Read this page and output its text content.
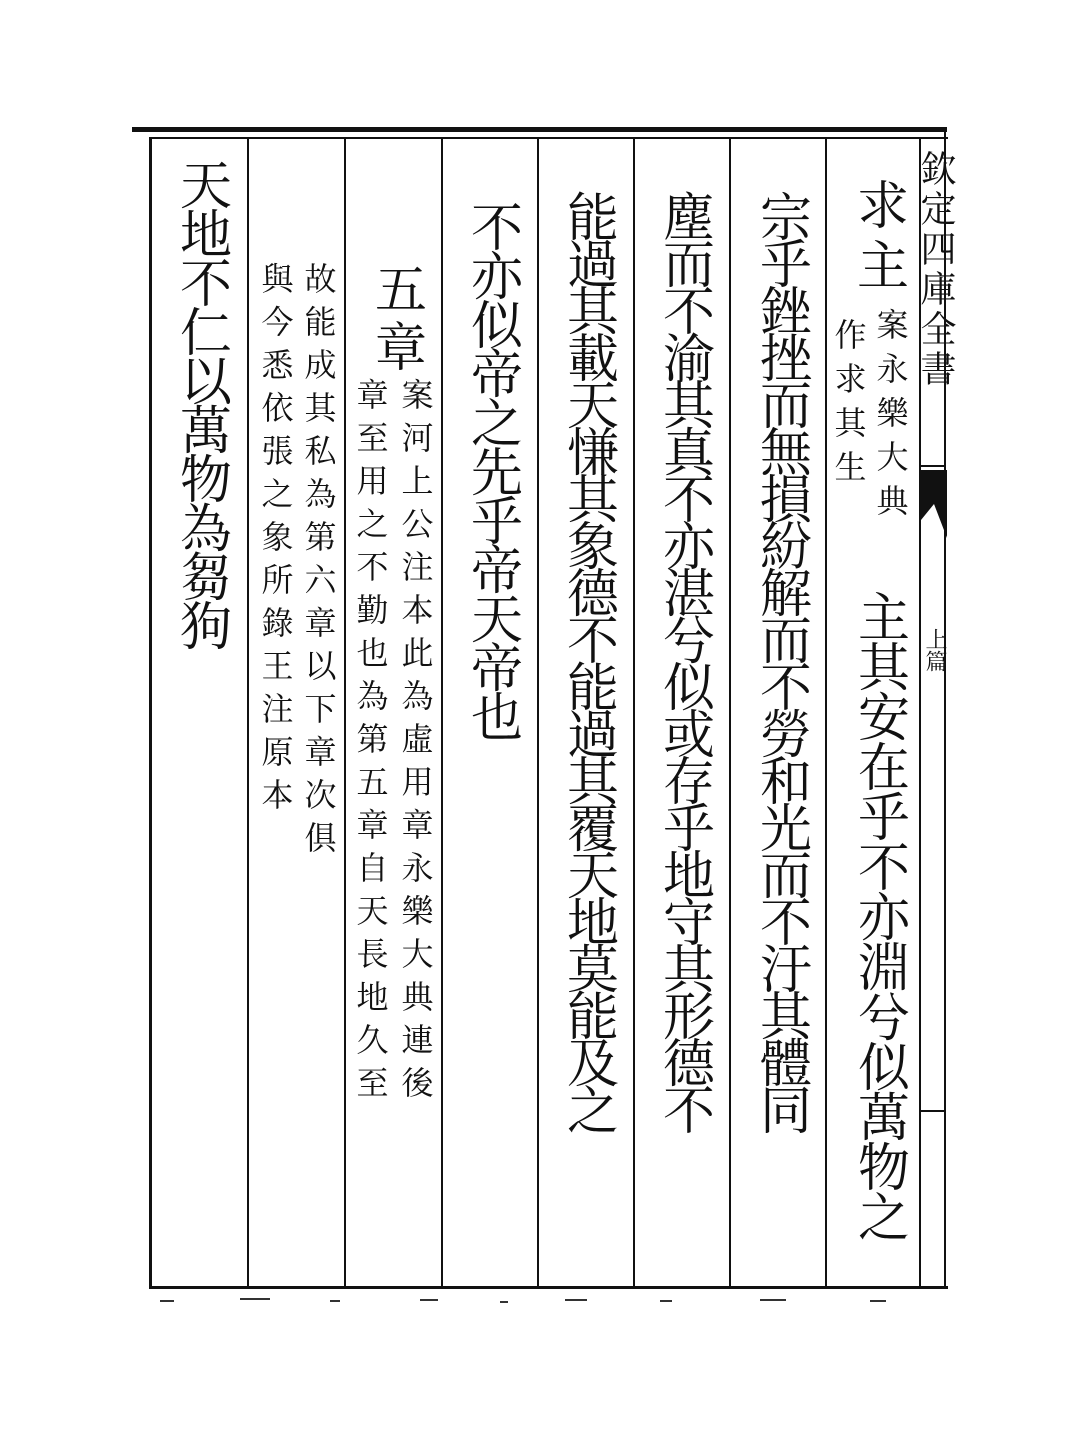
欽定四庫全書
上篇
求主
案永樂大典
作求其生
主其安在乎不亦淵兮似萬物之
宗乎銼挫而無損紛解而不勞和光而不汙其體同
塵而不渝其真不亦湛兮似或存乎地守其形德不
能過其載天慊其象德不能過其覆天地莫能及之
不亦似帝之先乎帝天帝也
五章
案河上公注本此為虛用章永樂大典連後
章至用之不勤也為第五章自天長地久至
故能成其私為第六章以下章次俱
與今悉依張之象所錄王注原本
天地不仁以萬物為芻狗
